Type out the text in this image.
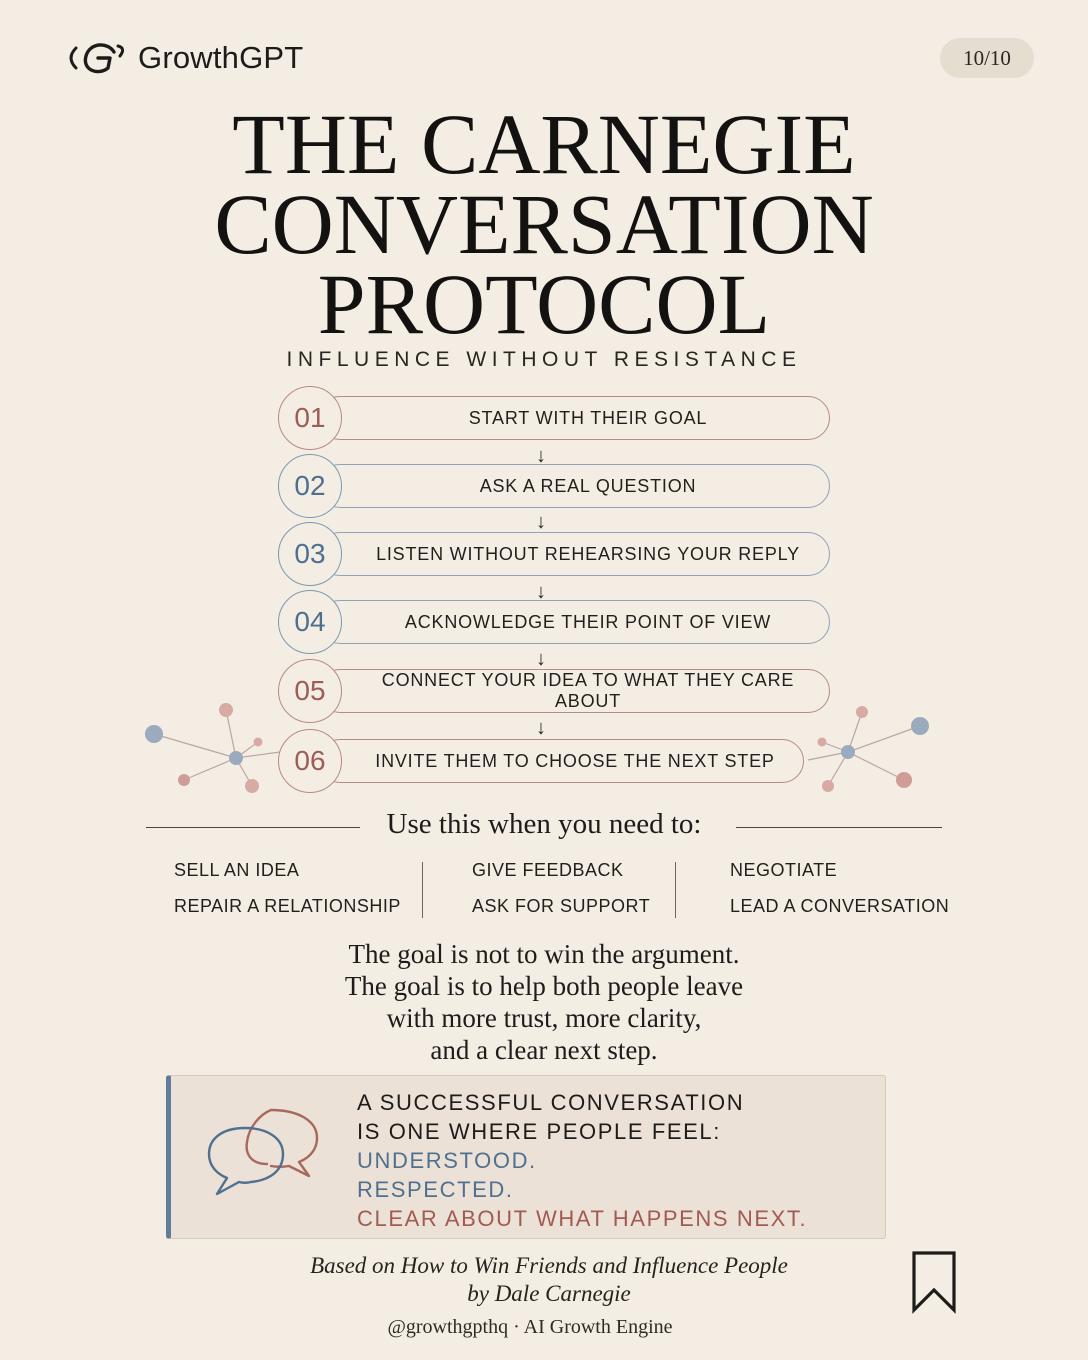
GrowthGPT	10/10
THE CARNEGIE
CONVERSATION
PROTOCOL
INFLUENCE WITHOUT RESISTANCE
START WITH THEIR GOAL
01
↓
ASK A REAL QUESTION
02
↓
LISTEN WITHOUT REHEARSING YOUR REPLY
03
↓
ACKNOWLEDGE THEIR POINT OF VIEW
04
↓
CONNECT YOUR IDEA TO WHAT THEY CARE ABOUT
05
↓
INVITE THEM TO CHOOSE THE NEXT STEP
06
Use this when you need to:
SELL AN IDEA
REPAIR A RELATIONSHIP
GIVE FEEDBACK
ASK FOR SUPPORT
NEGOTIATE
LEAD A CONVERSATION
The goal is not to win the argument.
The goal is to help both people leave
with more trust, more clarity,
and a clear next step.
A SUCCESSFUL CONVERSATION
IS ONE WHERE PEOPLE FEEL:
UNDERSTOOD.
RESPECTED.
CLEAR ABOUT WHAT HAPPENS NEXT.
Based on How to Win Friends and Influence People
by Dale Carnegie
@growthgpthq · AI Growth Engine
